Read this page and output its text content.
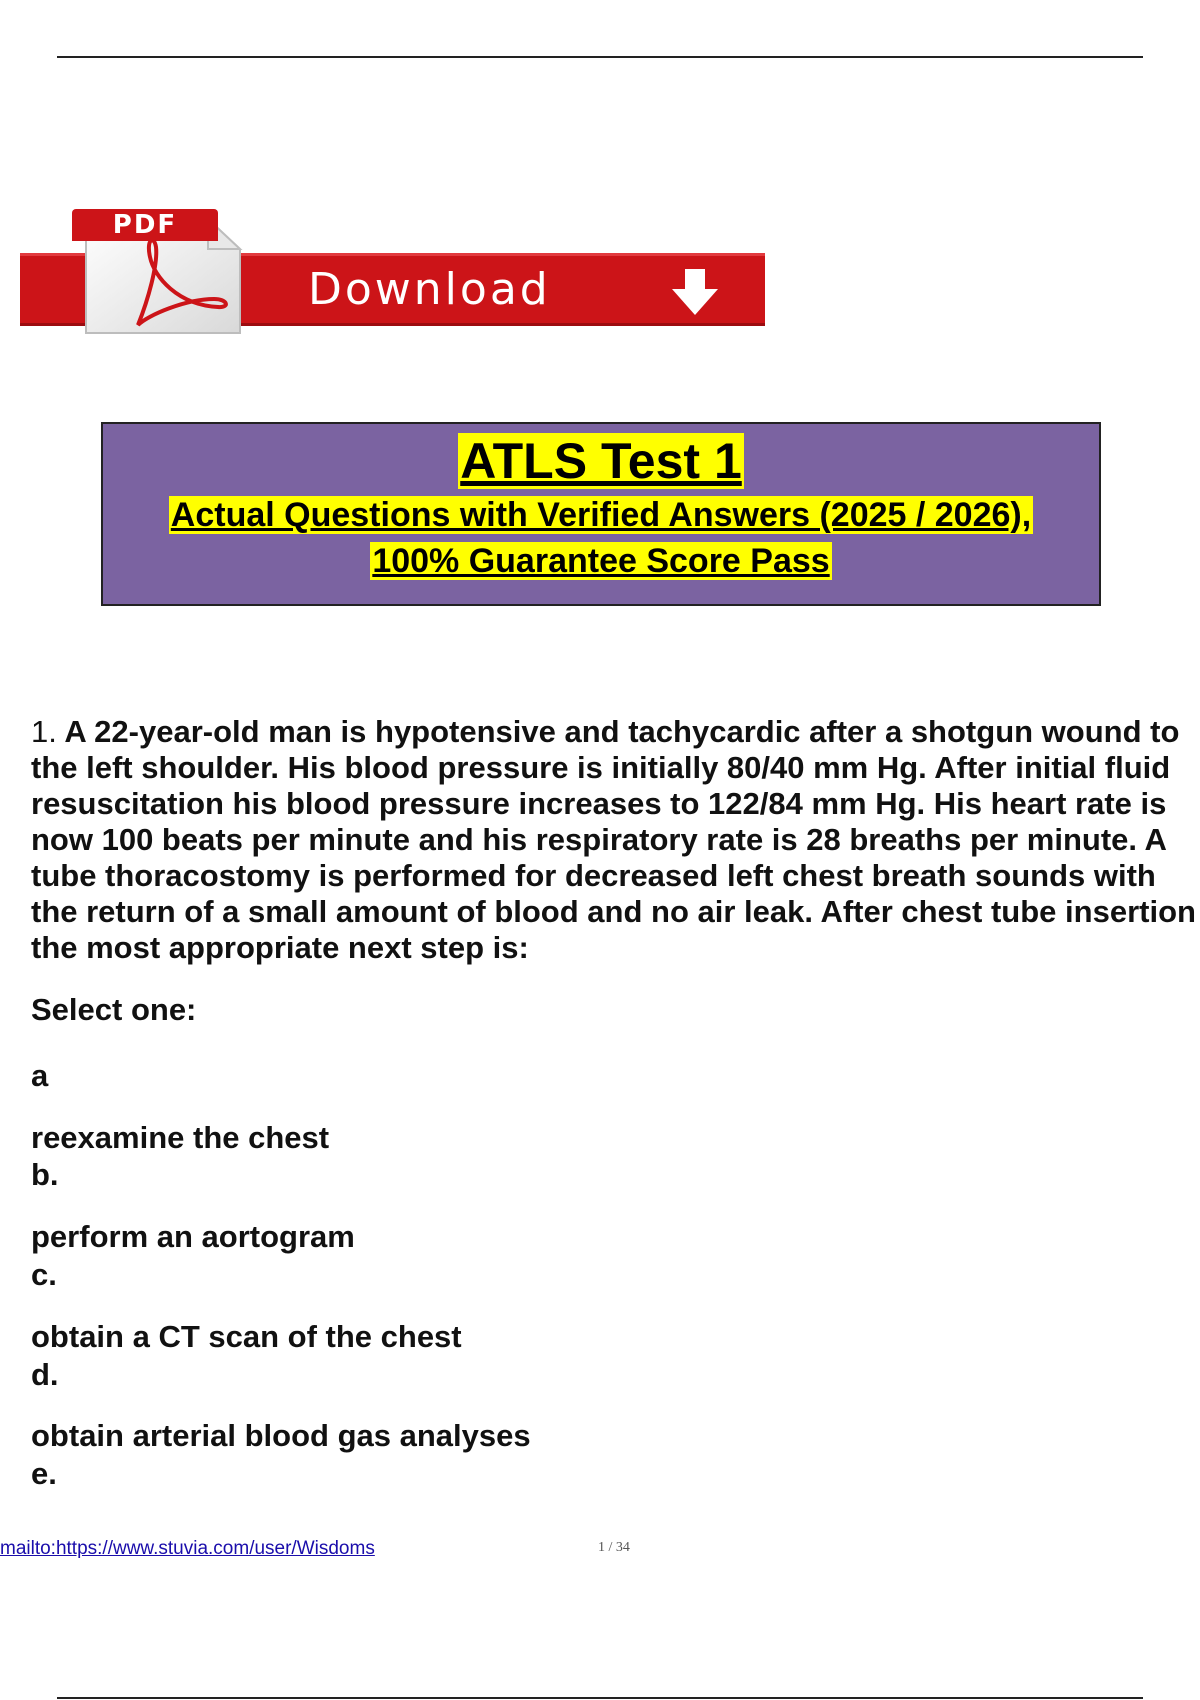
Download
PDF
ATLS Test 1
Actual Questions with Verified Answers (2025 / 2026),
100% Guarantee Score Pass
1. A 22-year-old man is hypotensive and tachycardic after a shotgun wound to
the left shoulder. His blood pressure is initially 80/40 mm Hg. After initial fluid
resuscitation his blood pressure increases to 122/84 mm Hg. His heart rate is
now 100 beats per minute and his respiratory rate is 28 breaths per minute. A
tube thoracostomy is performed for decreased left chest breath sounds with
the return of a small amount of blood and no air leak. After chest tube insertion
the most appropriate next step is:
Select one:
a
reexamine the chest
b.
perform an aortogram
c.
obtain a CT scan of the chest
d.
obtain arterial blood gas analyses
e.
mailto:https://www.stuvia.com/user/Wisdoms	1 / 34
